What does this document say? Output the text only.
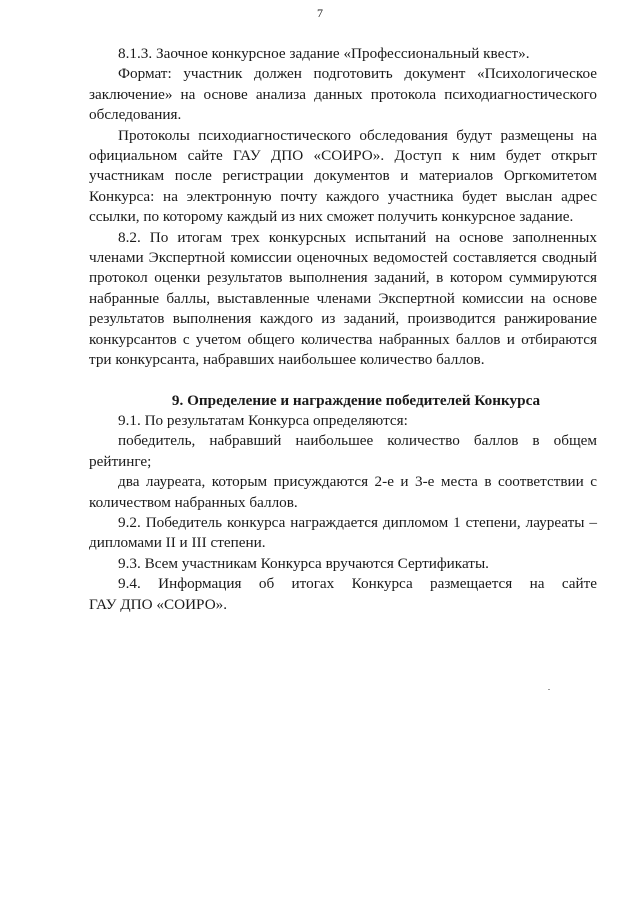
7

8.1.3. Заочное конкурсное задание «Профессиональный квест».

Формат: участник должен подготовить документ «Психологическое заключение» на основе анализа данных протокола психодиагностического обследования.

Протоколы психодиагностического обследования будут размещены на официальном сайте ГАУ ДПО «СОИРО». Доступ к ним будет открыт участникам после регистрации документов и материалов Оргкомитетом Конкурса: на электронную почту каждого участника будет выслан адрес ссылки, по которому каждый из них сможет получить конкурсное задание.

8.2. По итогам трех конкурсных испытаний на основе заполненных членами Экспертной комиссии оценочных ведомостей составляется сводный протокол оценки результатов выполнения заданий, в котором суммируются набранные баллы, выставленные членами Экспертной комиссии на основе результатов выполнения каждого из заданий, производится ранжирование конкурсантов с учетом общего количества набранных баллов и отбираются три конкурсанта, набравших наибольшее количество баллов.

9. Определение и награждение победителей Конкурса

9.1. По результатам Конкурса определяются:

победитель, набравший наибольшее количество баллов в общем рейтинге;

два лауреата, которым присуждаются 2-е и 3-е места в соответствии с количеством набранных баллов.

9.2. Победитель конкурса награждается дипломом 1 степени, лауреаты – дипломами II и III степени.

9.3. Всем участникам Конкурса вручаются Сертификаты.

9.4. Информация об итогах Конкурса размещается на сайте

ГАУ ДПО «СОИРО».
